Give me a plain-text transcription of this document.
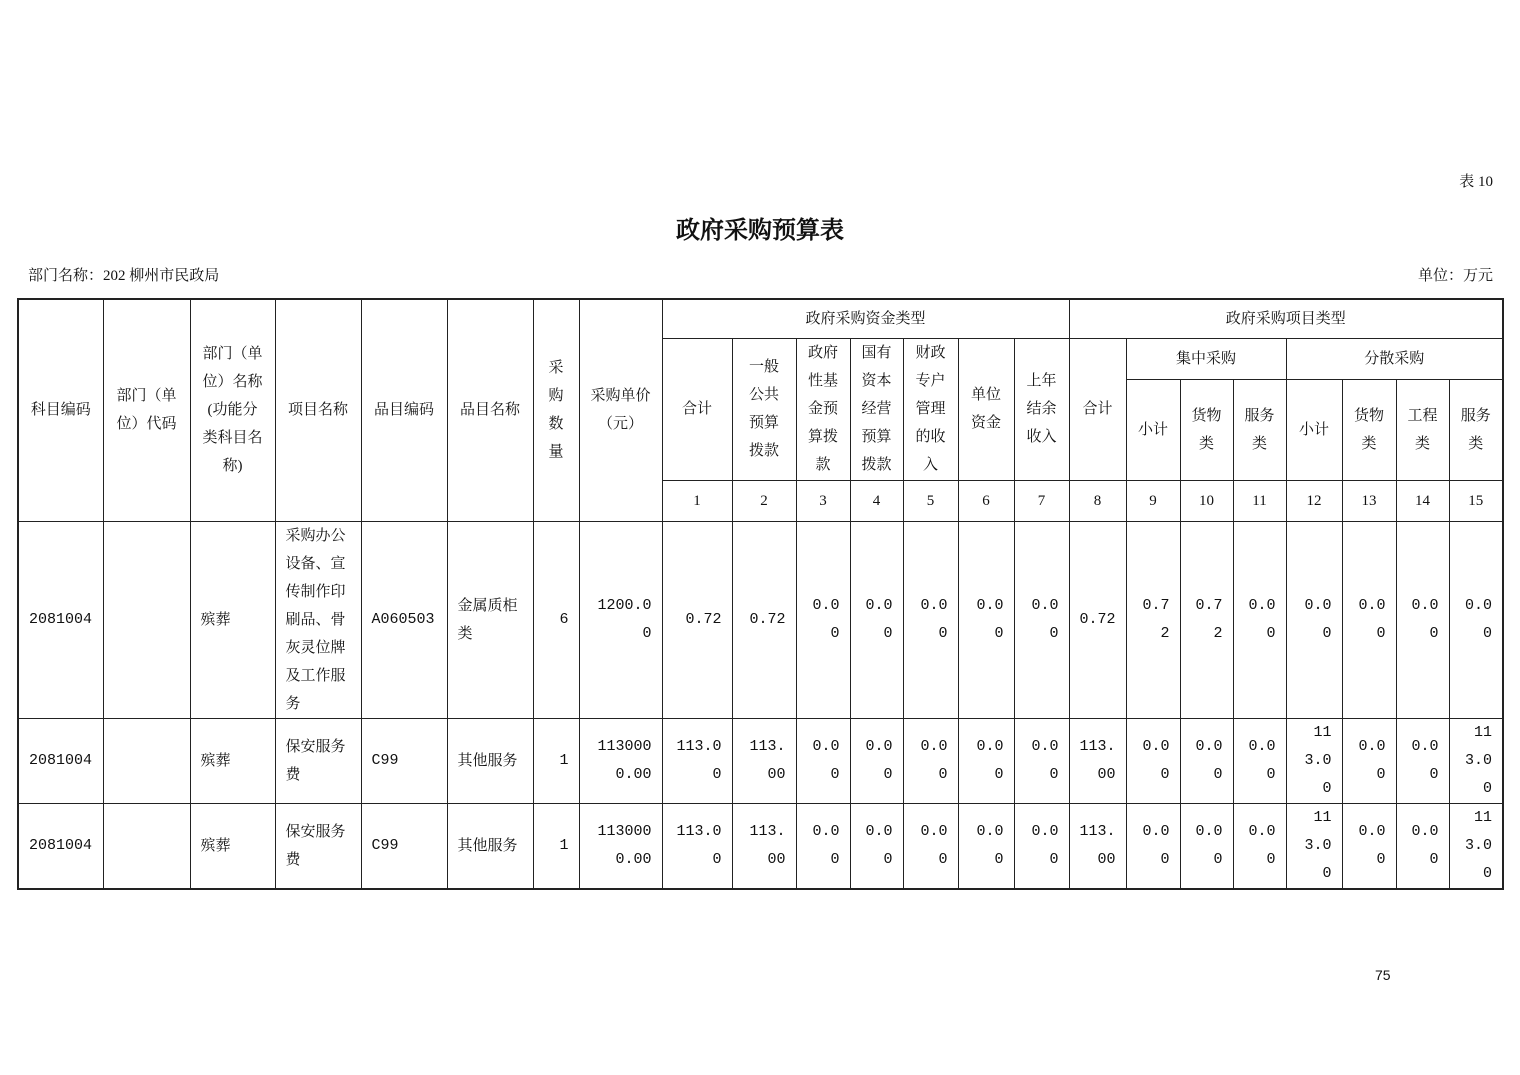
表 10
政府采购预算表
部门名称：202 柳州市民政局	单位：万元
科目编码	部门（单位）代码	部门（单位）名称(功能分类科目名称)	项目名称	品目编码	品目名称	采购数量	采购单价（元）	政府采购资金类型							政府采购项目类型							
								合计	一般公共预算拨款	政府性基金预算拨款	国有资本经营预算拨款	财政专户管理的收入	单位资金	上年结余收入	合计	集中采购			分散采购			
																小计	货物类	服务类	小计	货物类	工程类	服务类
								1	2	3	4	5	6	7	8	9	10	11	12	13	14	15
2081004		殡葬	采购办公设备、宣传制作印刷品、骨灰灵位牌及工作服务	A060503	金属质柜类	6	1200.00	0.72	0.72	0.00	0.00	0.00	0.00	0.00	0.72	0.72	0.72	0.00	0.00	0.00	0.00	0.00
2081004		殡葬	保安服务费	C99	其他服务	1	1130000.00	113.00	113.00	0.00	0.00	0.00	0.00	0.00	113.00	0.00	0.00	0.00	113.00	0.00	0.00	113.00
2081004		殡葬	保安服务费	C99	其他服务	1	1130000.00	113.00	113.00	0.00	0.00	0.00	0.00	0.00	113.00	0.00	0.00	0.00	113.00	0.00	0.00	113.00
75
